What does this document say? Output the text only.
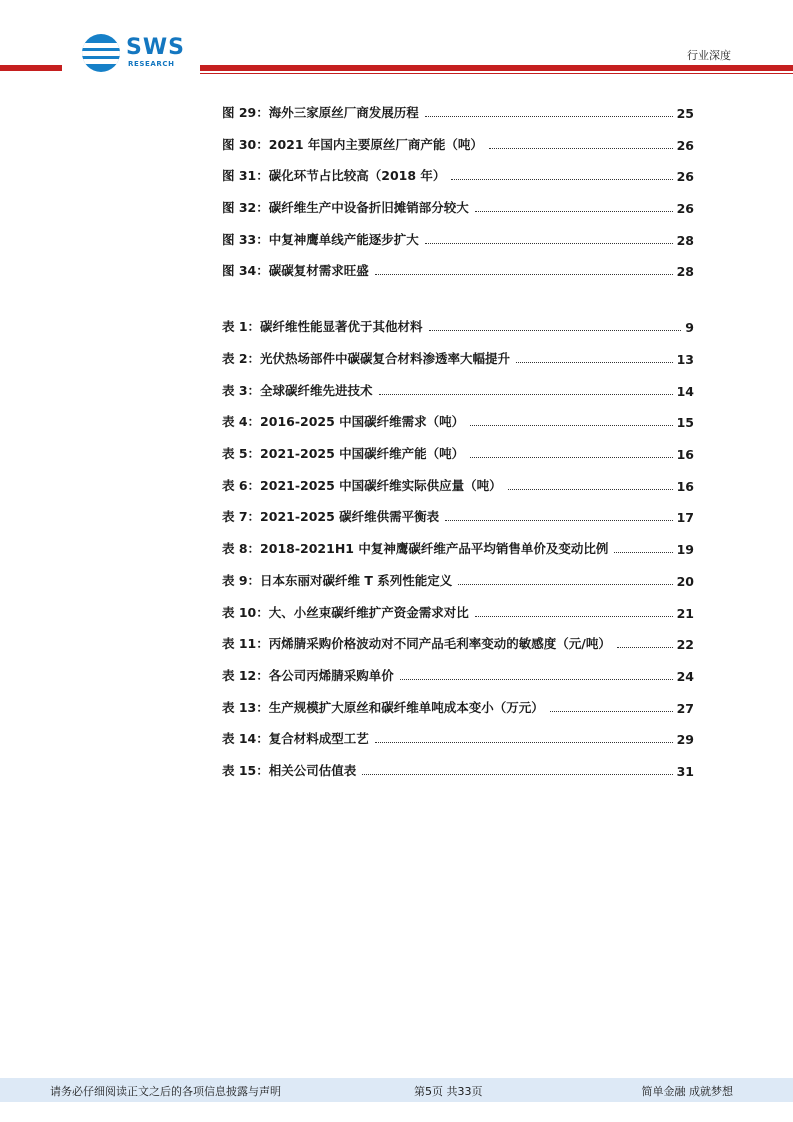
SWS
RESEARCH
行业深度
图 29：海外三家原丝厂商发展历程	25
图 30：2021 年国内主要原丝厂商产能（吨）	26
图 31：碳化环节占比较高（2018 年）	26
图 32：碳纤维生产中设备折旧摊销部分较大	26
图 33：中复神鹰单线产能逐步扩大	28
图 34：碳碳复材需求旺盛	28
表 1：碳纤维性能显著优于其他材料	9
表 2：光伏热场部件中碳碳复合材料渗透率大幅提升	13
表 3：全球碳纤维先进技术	14
表 4：2016-2025 中国碳纤维需求（吨）	15
表 5：2021-2025 中国碳纤维产能（吨）	16
表 6：2021-2025 中国碳纤维实际供应量（吨）	16
表 7：2021-2025 碳纤维供需平衡表	17
表 8：2018-2021H1 中复神鹰碳纤维产品平均销售单价及变动比例	19
表 9：日本东丽对碳纤维 T 系列性能定义	20
表 10：大、小丝束碳纤维扩产资金需求对比	21
表 11：丙烯腈采购价格波动对不同产品毛利率变动的敏感度（元/吨）	22
表 12：各公司丙烯腈采购单价	24
表 13：生产规模扩大原丝和碳纤维单吨成本变小（万元）	27
表 14：复合材料成型工艺	29
表 15：相关公司估值表	31
请务必仔细阅读正文之后的各项信息披露与声明	第5页 共33页	简单金融 成就梦想
